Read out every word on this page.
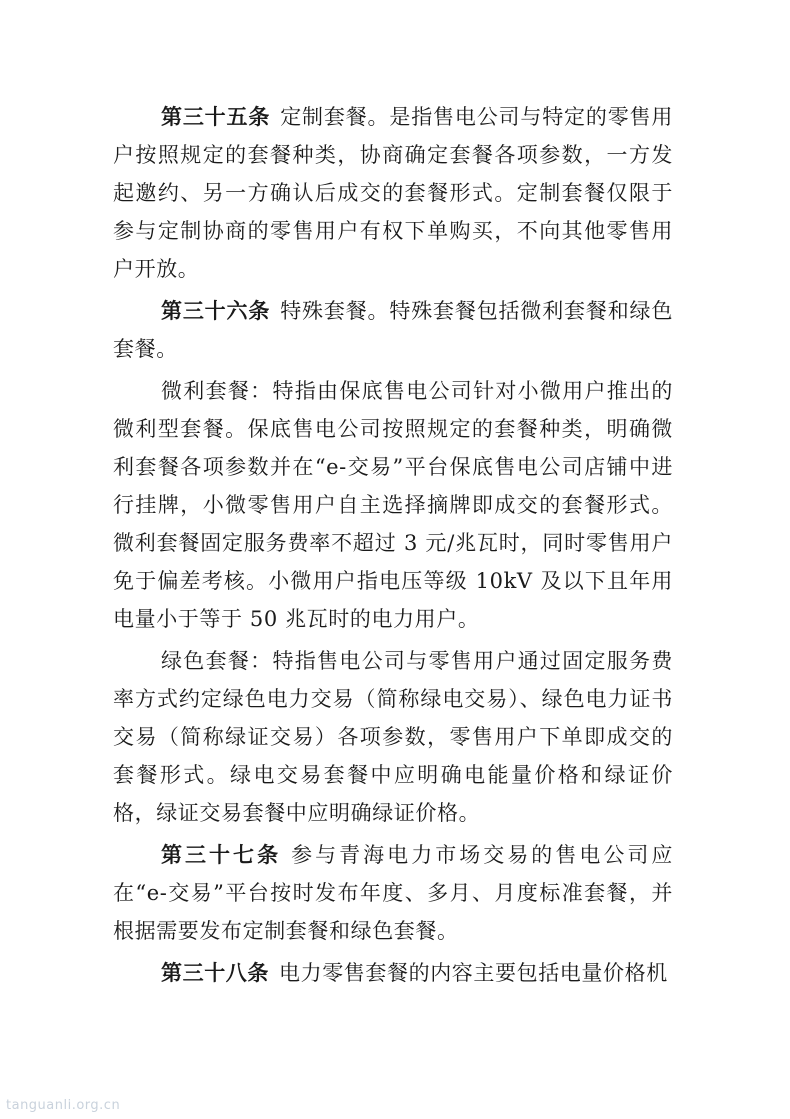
第三十五条 定制套餐。是指售电公司与特定的零售用户按照规定的套餐种类，协商确定套餐各项参数，一方发起邀约、另一方确认后成交的套餐形式。定制套餐仅限于参与定制协商的零售用户有权下单购买，不向其他零售用户开放。

第三十六条 特殊套餐。特殊套餐包括微利套餐和绿色套餐。

微利套餐：特指由保底售电公司针对小微用户推出的微利型套餐。保底售电公司按照规定的套餐种类，明确微利套餐各项参数并在“e-交易”平台保底售电公司店铺中进行挂牌，小微零售用户自主选择摘牌即成交的套餐形式。微利套餐固定服务费率不超过 3 元/兆瓦时，同时零售用户免于偏差考核。小微用户指电压等级 10kV 及以下且年用电量小于等于 50 兆瓦时的电力用户。

绿色套餐：特指售电公司与零售用户通过固定服务费率方式约定绿色电力交易（简称绿电交易）、绿色电力证书交易（简称绿证交易）各项参数，零售用户下单即成交的套餐形式。绿电交易套餐中应明确电能量价格和绿证价格，绿证交易套餐中应明确绿证价格。

第三十七条 参与青海电力市场交易的售电公司应在“e-交易”平台按时发布年度、多月、月度标准套餐，并根据需要发布定制套餐和绿色套餐。

第三十八条 电力零售套餐的内容主要包括电量价格机

tanguanli.org.cn
